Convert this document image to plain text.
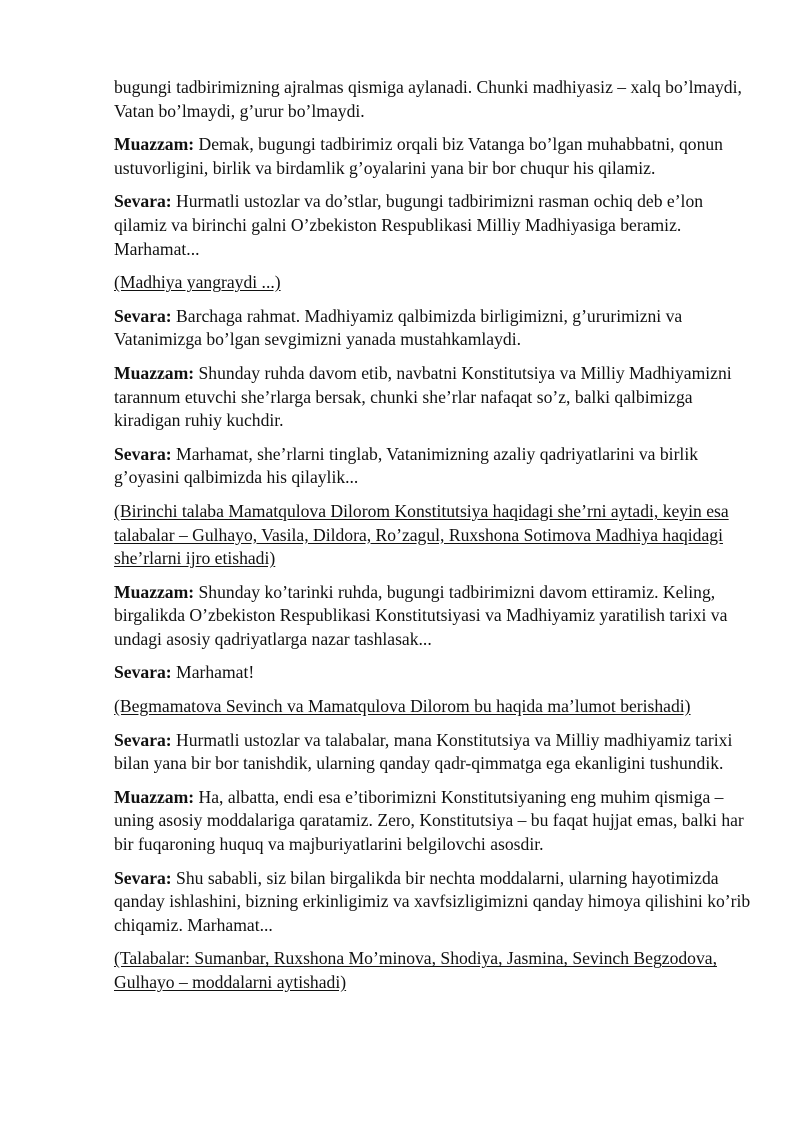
bugungi tadbirimizning ajralmas qismiga aylanadi. Chunki madhiyasiz – xalq bo’lmaydi, Vatan bo’lmaydi, g’urur bo’lmaydi.

Muazzam: Demak, bugungi tadbirimiz orqali biz Vatanga bo’lgan muhabbatni, qonun ustuvorligini, birlik va birdamlik g’oyalarini yana bir bor chuqur his qilamiz.

Sevara: Hurmatli ustozlar va do’stlar, bugungi tadbirimizni rasman ochiq deb e’lon qilamiz va birinchi galni O’zbekiston Respublikasi Milliy Madhiyasiga beramiz. Marhamat...

(Madhiya yangraydi ...)

Sevara: Barchaga rahmat. Madhiyamiz qalbimizda birligimizni, g’ururimizni va Vatanimizga bo’lgan sevgimizni yanada mustahkamlaydi.

Muazzam: Shunday ruhda davom etib, navbatni Konstitutsiya va Milliy Madhiyamizni tarannum etuvchi she’rlarga bersak, chunki she’rlar nafaqat so’z, balki qalbimizga kiradigan ruhiy kuchdir.

Sevara: Marhamat, she’rlarni tinglab, Vatanimizning azaliy qadriyatlarini va birlik g’oyasini qalbimizda his qilaylik...

(Birinchi talaba Mamatqulova Dilorom Konstitutsiya haqidagi she’rni aytadi, keyin esa talabalar – Gulhayo, Vasila, Dildora, Ro’zagul, Ruxshona Sotimova Madhiya haqidagi she’rlarni ijro etishadi)

Muazzam: Shunday ko’tarinki ruhda, bugungi tadbirimizni davom ettiramiz. Keling, birgalikda O’zbekiston Respublikasi Konstitutsiyasi va Madhiyamiz yaratilish tarixi va undagi asosiy qadriyatlarga nazar tashlasak...

Sevara: Marhamat!

(Begmamatova Sevinch va Mamatqulova Dilorom bu haqida ma’lumot berishadi)

Sevara: Hurmatli ustozlar va talabalar, mana Konstitutsiya va Milliy madhiyamiz tarixi bilan yana bir bor tanishdik, ularning qanday qadr-qimmatga ega ekanligini tushundik.

Muazzam: Ha, albatta, endi esa e’tiborimizni Konstitutsiyaning eng muhim qismiga – uning asosiy moddalariga qaratamiz. Zero, Konstitutsiya – bu faqat hujjat emas, balki har bir fuqaroning huquq va majburiyatlarini belgilovchi asosdir.

Sevara: Shu sababli, siz bilan birgalikda bir nechta moddalarni, ularning hayotimizda qanday ishlashini, bizning erkinligimiz va xavfsizligimizni qanday himoya qilishini ko’rib chiqamiz. Marhamat...

(Talabalar: Sumanbar, Ruxshona Mo’minova, Shodiya, Jasmina, Sevinch Begzodova, Gulhayo – moddalarni aytishadi)
